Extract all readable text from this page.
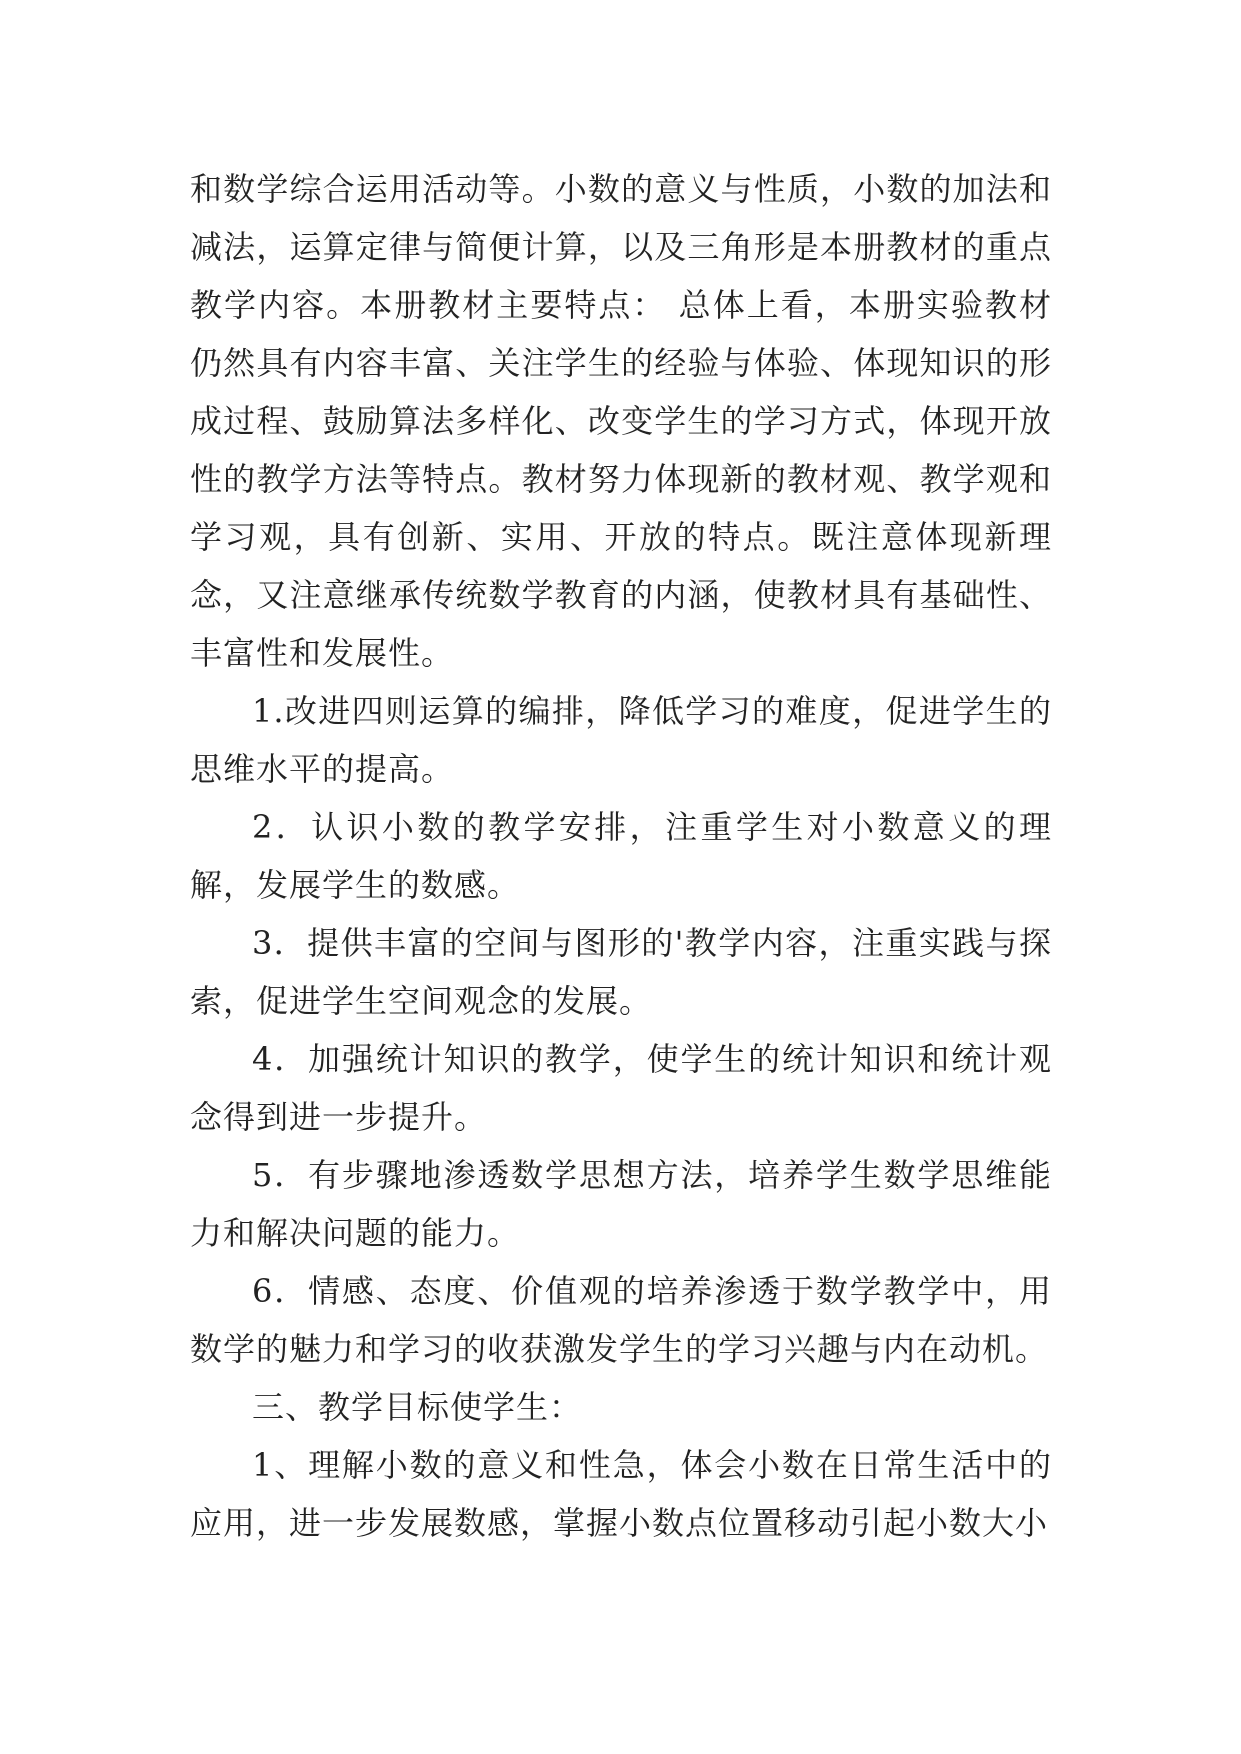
和数学综合运用活动等。小数的意义与性质，小数的加法和减法，运算定律与简便计算，以及三角形是本册教材的重点教学内容。本册教材主要特点： 总体上看，本册实验教材仍然具有内容丰富、关注学生的经验与体验、体现知识的形成过程、鼓励算法多样化、改变学生的学习方式，体现开放性的教学方法等特点。教材努力体现新的教材观、教学观和学习观，具有创新、实用、开放的特点。既注意体现新理念，又注意继承传统数学教育的内涵，使教材具有基础性、丰富性和发展性。

1.改进四则运算的编排，降低学习的难度，促进学生的思维水平的提高。

2．认识小数的教学安排，注重学生对小数意义的理解，发展学生的数感。

3．提供丰富的空间与图形的'教学内容，注重实践与探索，促进学生空间观念的发展。

4．加强统计知识的教学，使学生的统计知识和统计观念得到进一步提升。

5．有步骤地渗透数学思想方法，培养学生数学思维能力和解决问题的能力。

6．情感、态度、价值观的培养渗透于数学教学中，用数学的魅力和学习的收获激发学生的学习兴趣与内在动机。

三、教学目标使学生：

1、理解小数的意义和性急，体会小数在日常生活中的应用，进一步发展数感，掌握小数点位置移动引起小数大小
